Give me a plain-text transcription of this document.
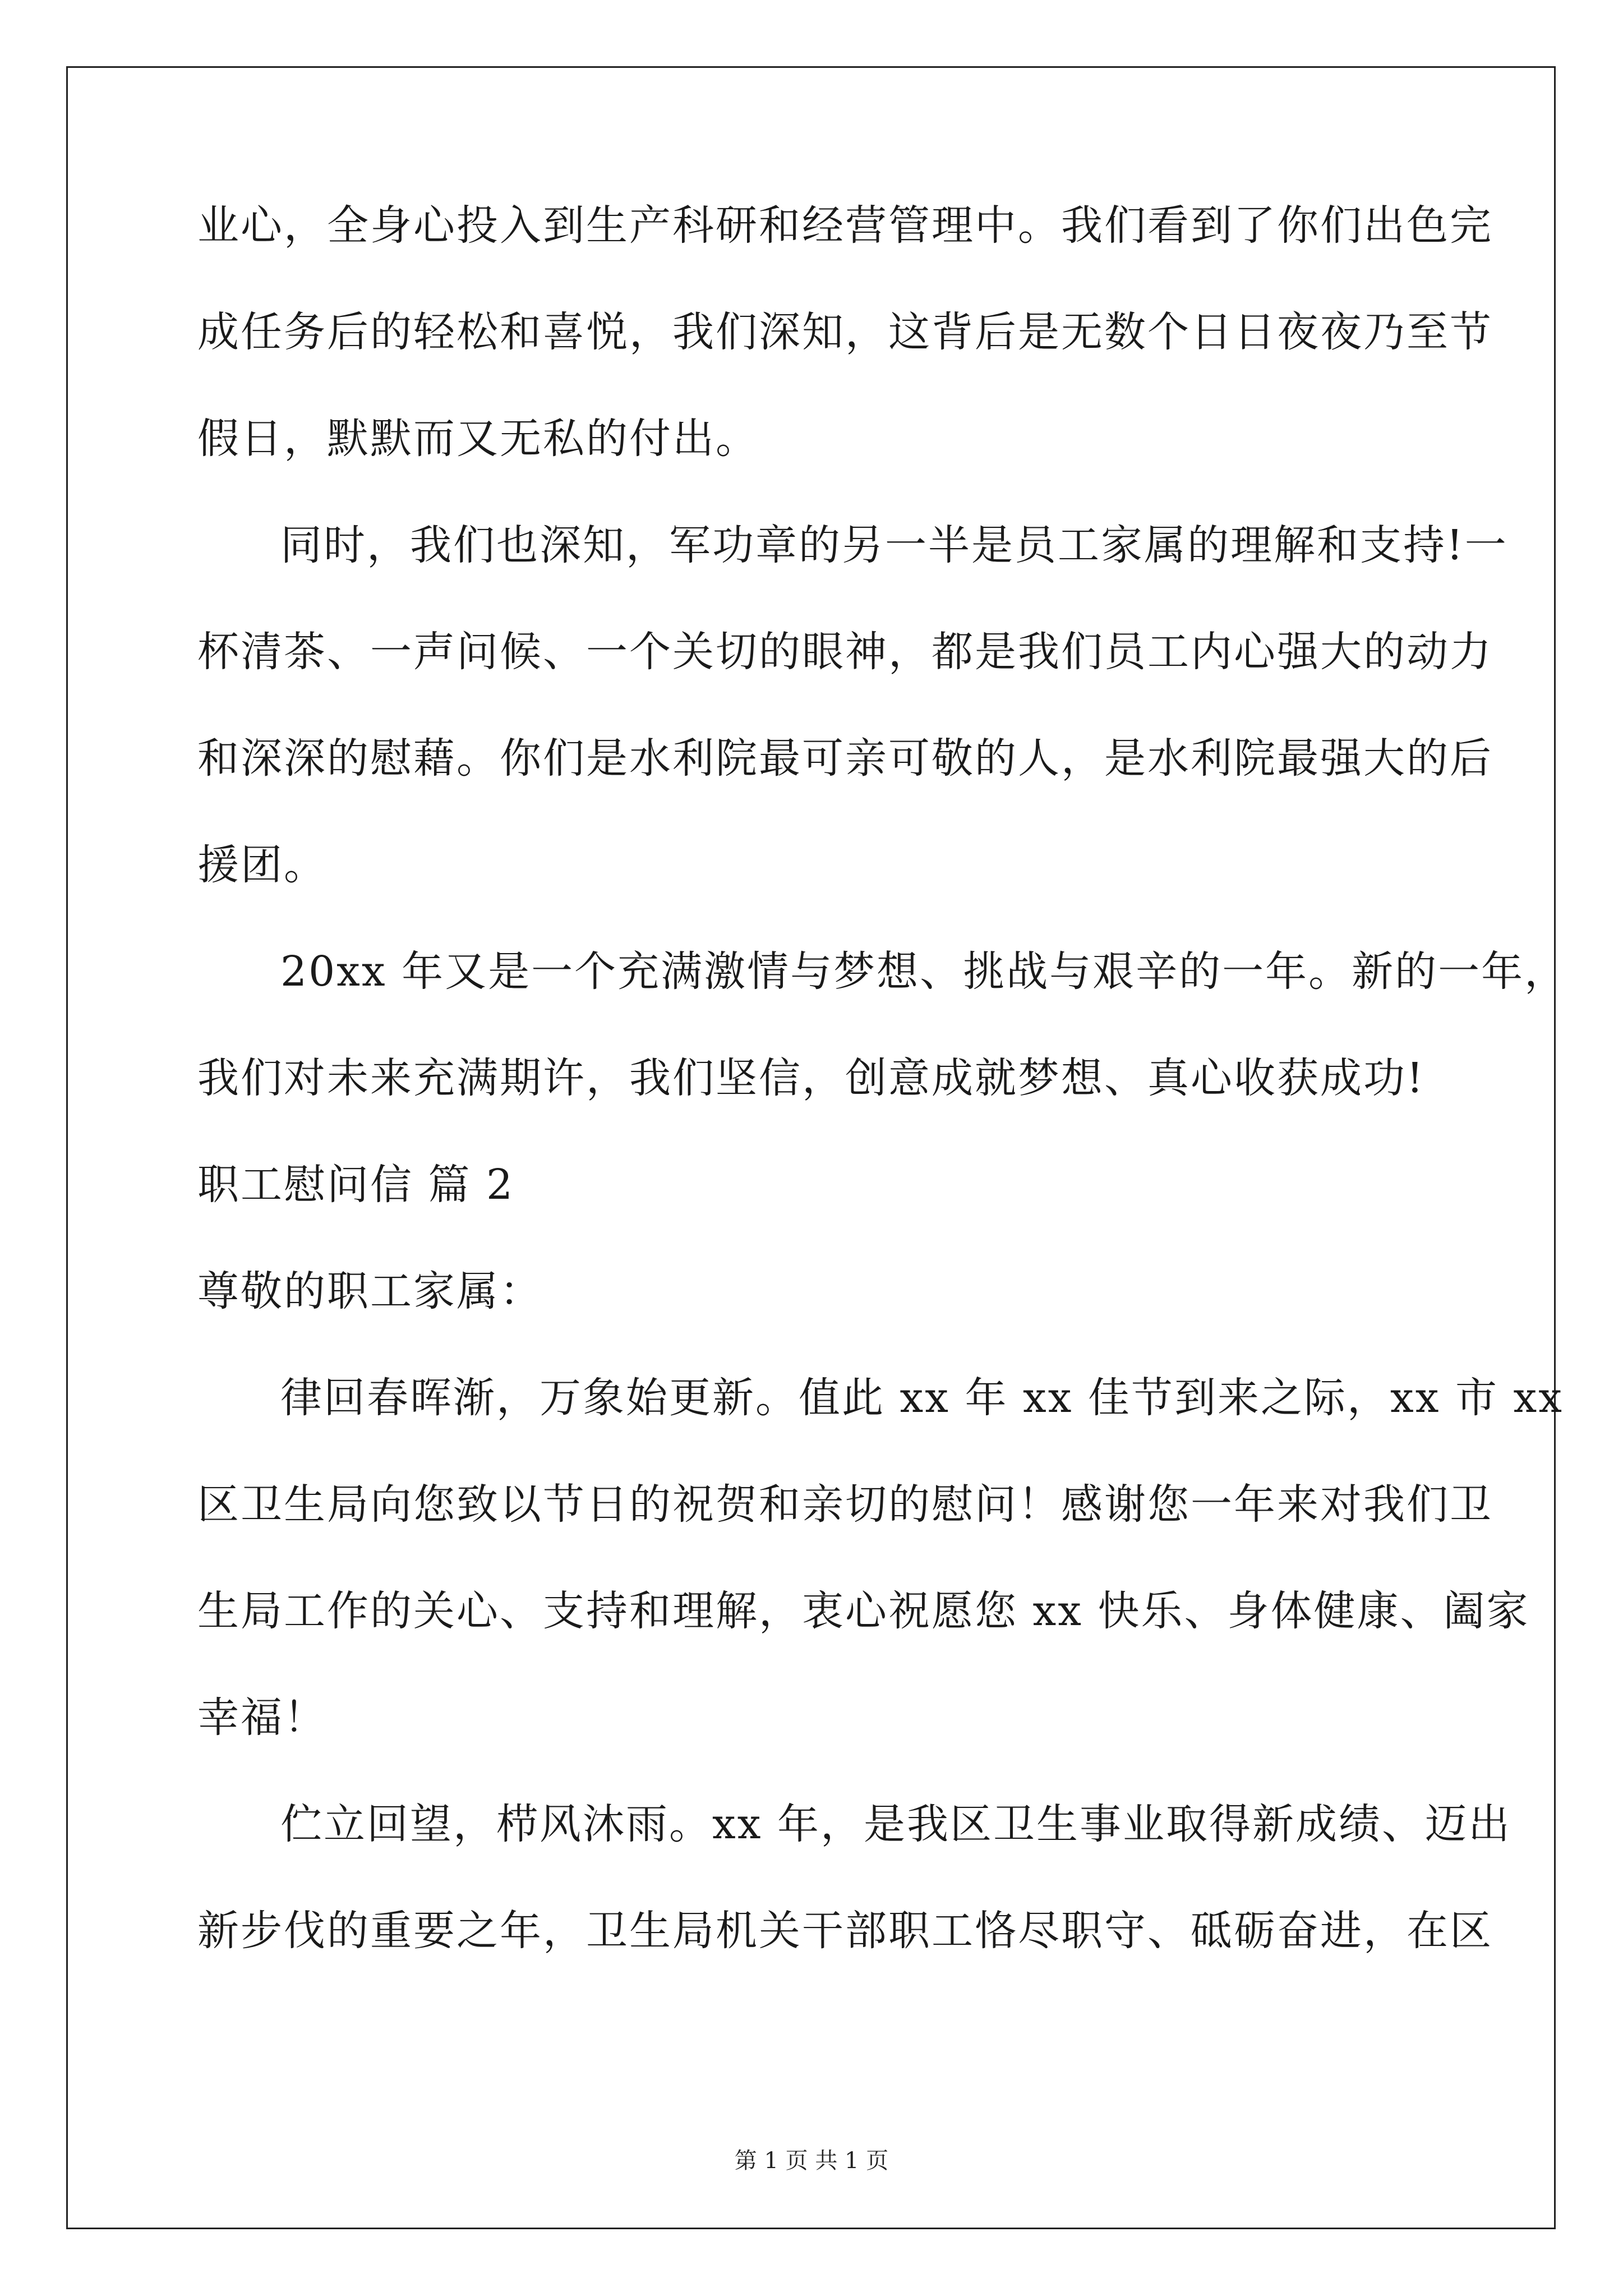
业心，全身心投入到生产科研和经营管理中。我们看到了你们出色完
成任务后的轻松和喜悦，我们深知，这背后是无数个日日夜夜乃至节
假日，默默而又无私的付出。
同时，我们也深知，军功章的另一半是员工家属的理解和支持!一
杯清茶、一声问候、一个关切的眼神，都是我们员工内心强大的动力
和深深的慰藉。你们是水利院最可亲可敬的人，是水利院最强大的后
援团。
20xx 年又是一个充满激情与梦想、挑战与艰辛的一年。新的一年，
我们对未来充满期许，我们坚信，创意成就梦想、真心收获成功!
职工慰问信 篇 2
尊敬的职工家属：
律回春晖渐，万象始更新。值此 xx 年 xx 佳节到来之际，xx 市 xx
区卫生局向您致以节日的祝贺和亲切的慰问！感谢您一年来对我们卫
生局工作的关心、支持和理解，衷心祝愿您 xx 快乐、身体健康、阖家
幸福！
伫立回望，栉风沐雨。xx 年，是我区卫生事业取得新成绩、迈出
新步伐的重要之年，卫生局机关干部职工恪尽职守、砥砺奋进，在区
第 1 页 共 1 页
